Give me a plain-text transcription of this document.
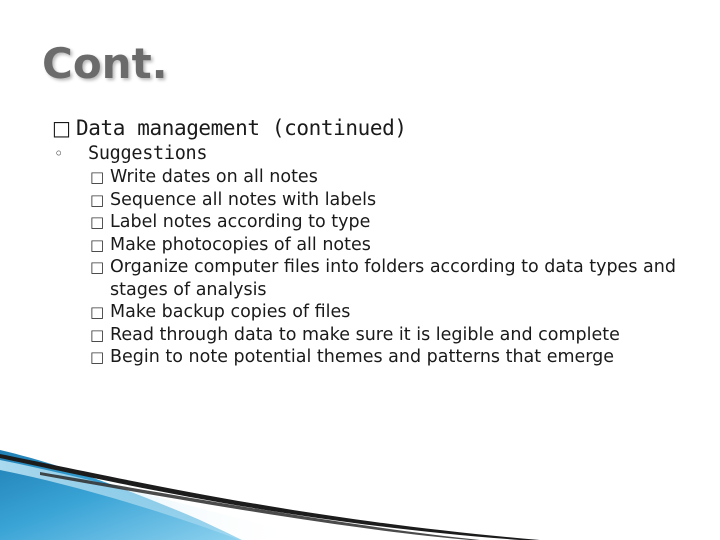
Cont.
□ Data management (continued)
◦	Suggestions
□ Write dates on all notes
□ Sequence all notes with labels
□ Label notes according to type
□ Make photocopies of all notes
□ Organize computer files into folders according to data types and stages of analysis
□ Make backup copies of files
□ Read through data to make sure it is legible and complete
□ Begin to note potential themes and patterns that emerge
